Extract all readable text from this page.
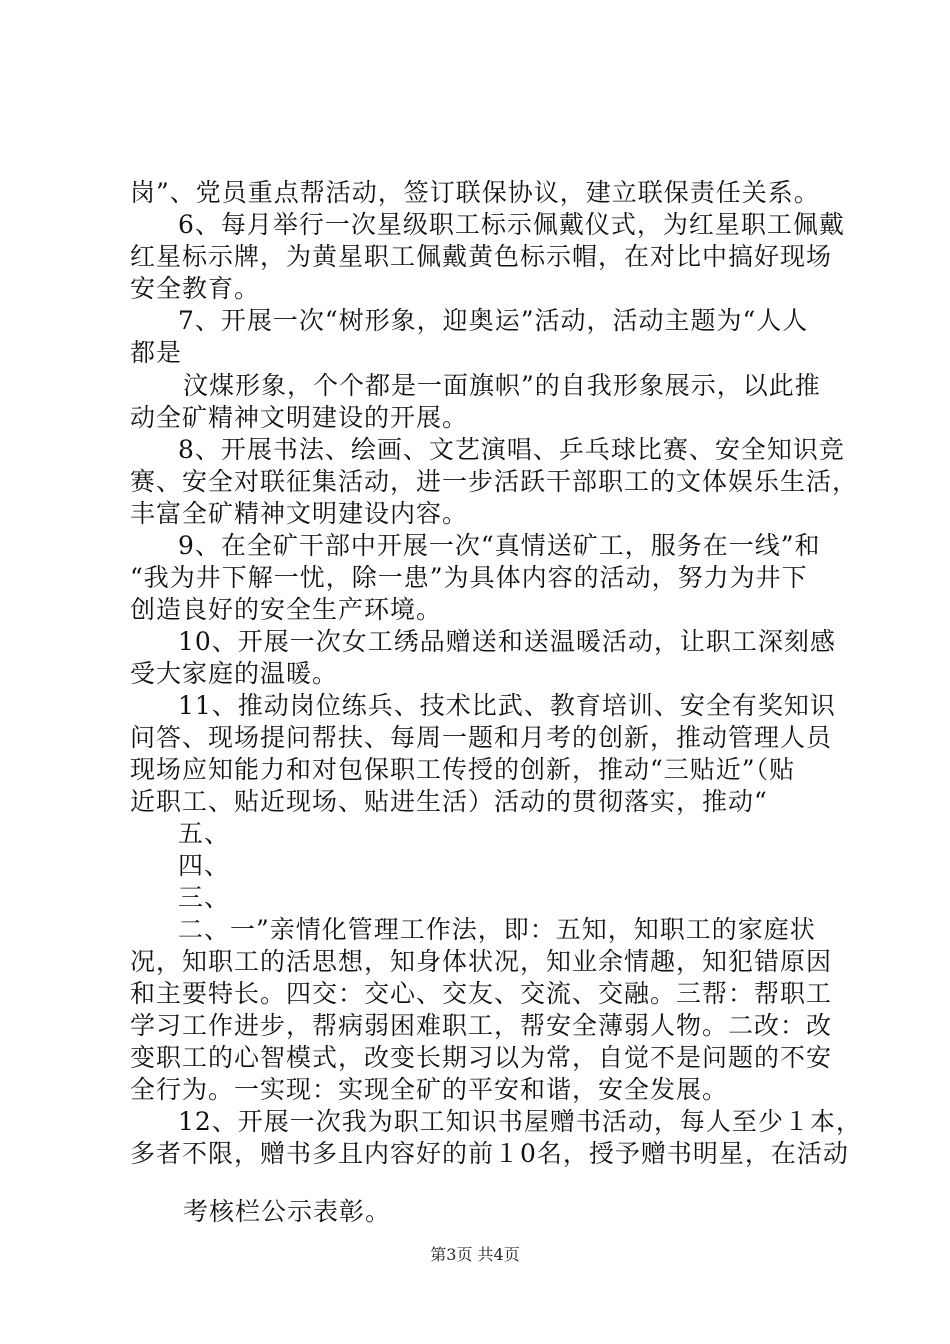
岗”、党员重点帮活动，签订联保协议，建立联保责任关系。
6、每月举行一次星级职工标示佩戴仪式，为红星职工佩戴
红星标示牌，为黄星职工佩戴黄色标示帽，在对比中搞好现场
安全教育。
7、开展一次“树形象，迎奥运”活动，活动主题为“人人
都是
汶煤形象，个个都是一面旗帜”的自我形象展示，以此推
动全矿精神文明建设的开展。
8、开展书法、绘画、文艺演唱、乒乓球比赛、安全知识竞
赛、安全对联征集活动，进一步活跃干部职工的文体娱乐生活，
丰富全矿精神文明建设内容。
9、在全矿干部中开展一次“真情送矿工，服务在一线”和
“我为井下解一忧，除一患”为具体内容的活动，努力为井下
创造良好的安全生产环境。
10、开展一次女工绣品赠送和送温暖活动，让职工深刻感
受大家庭的温暖。
11、推动岗位练兵、技术比武、教育培训、安全有奖知识
问答、现场提问帮扶、每周一题和月考的创新，推动管理人员
现场应知能力和对包保职工传授的创新，推动“三贴近”（贴
近职工、贴近现场、贴进生活）活动的贯彻落实，推动“
五、
四、
三、
二、一”亲情化管理工作法，即：五知，知职工的家庭状
况，知职工的活思想，知身体状况，知业余情趣，知犯错原因
和主要特长。四交：交心、交友、交流、交融。三帮：帮职工
学习工作进步，帮病弱困难职工，帮安全薄弱人物。二改：改
变职工的心智模式，改变长期习以为常，自觉不是问题的不安
全行为。一实现：实现全矿的平安和谐，安全发展。
12、开展一次我为职工知识书屋赠书活动，每人至少１本，
多者不限，赠书多且内容好的前１0名，授予赠书明星，在活动
考核栏公示表彰。
第3页 共4页
